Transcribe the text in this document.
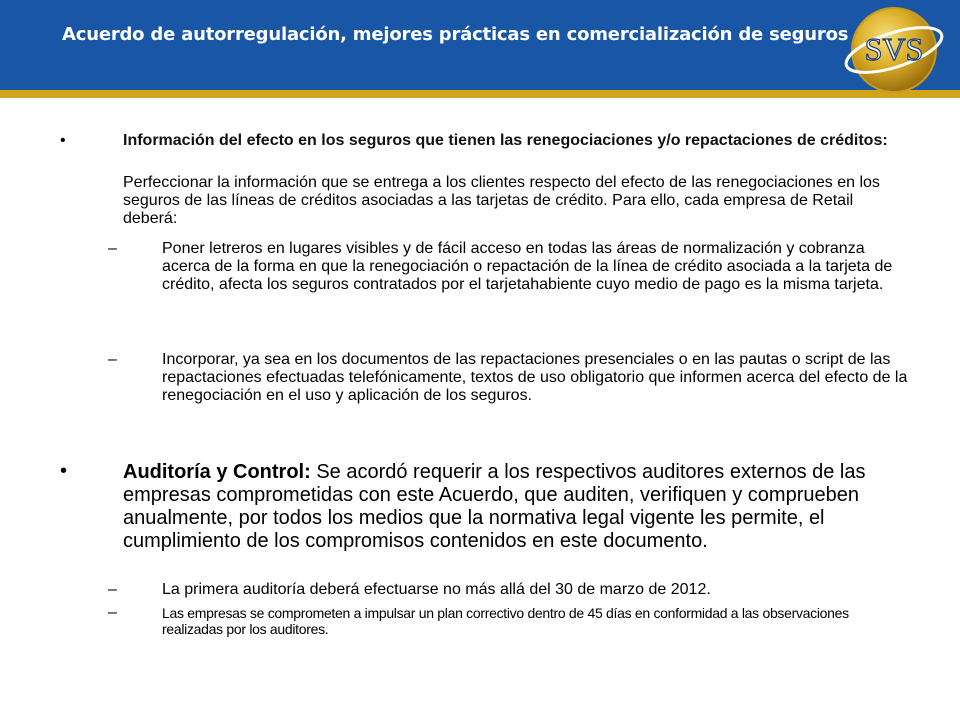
Acuerdo de autorregulación, mejores prácticas en comercialización de seguros SVS
•	Información del efecto en los seguros que tienen las renegociaciones y/o repactaciones de créditos:
Perfeccionar la información que se entrega a los clientes respecto del efecto de las renegociaciones en los seguros de las líneas de créditos asociadas a las tarjetas de crédito. Para ello, cada empresa de Retail deberá:
–	Poner letreros en lugares visibles y de fácil acceso en todas las áreas de normalización y cobranza acerca de la forma en que la renegociación o repactación de la línea de crédito asociada a la tarjeta de crédito, afecta los seguros contratados por el tarjetahabiente cuyo medio de pago es la misma tarjeta.
–	Incorporar, ya sea en los documentos de las repactaciones presenciales o en las pautas o script de las repactaciones efectuadas telefónicamente, textos de uso obligatorio que informen acerca del efecto de la renegociación en el uso y aplicación de los seguros.
•	Auditoría y Control: Se acordó requerir a los respectivos auditores externos de las empresas comprometidas con este Acuerdo, que auditen, verifiquen y comprueben anualmente, por todos los medios que la normativa legal vigente les permite, el cumplimiento de los compromisos contenidos en este documento.
–	La primera auditoría deberá efectuarse no más allá del 30 de marzo de 2012.
–	Las empresas se comprometen a impulsar un plan correctivo dentro de 45 días en conformidad a las observaciones realizadas por los auditores.
